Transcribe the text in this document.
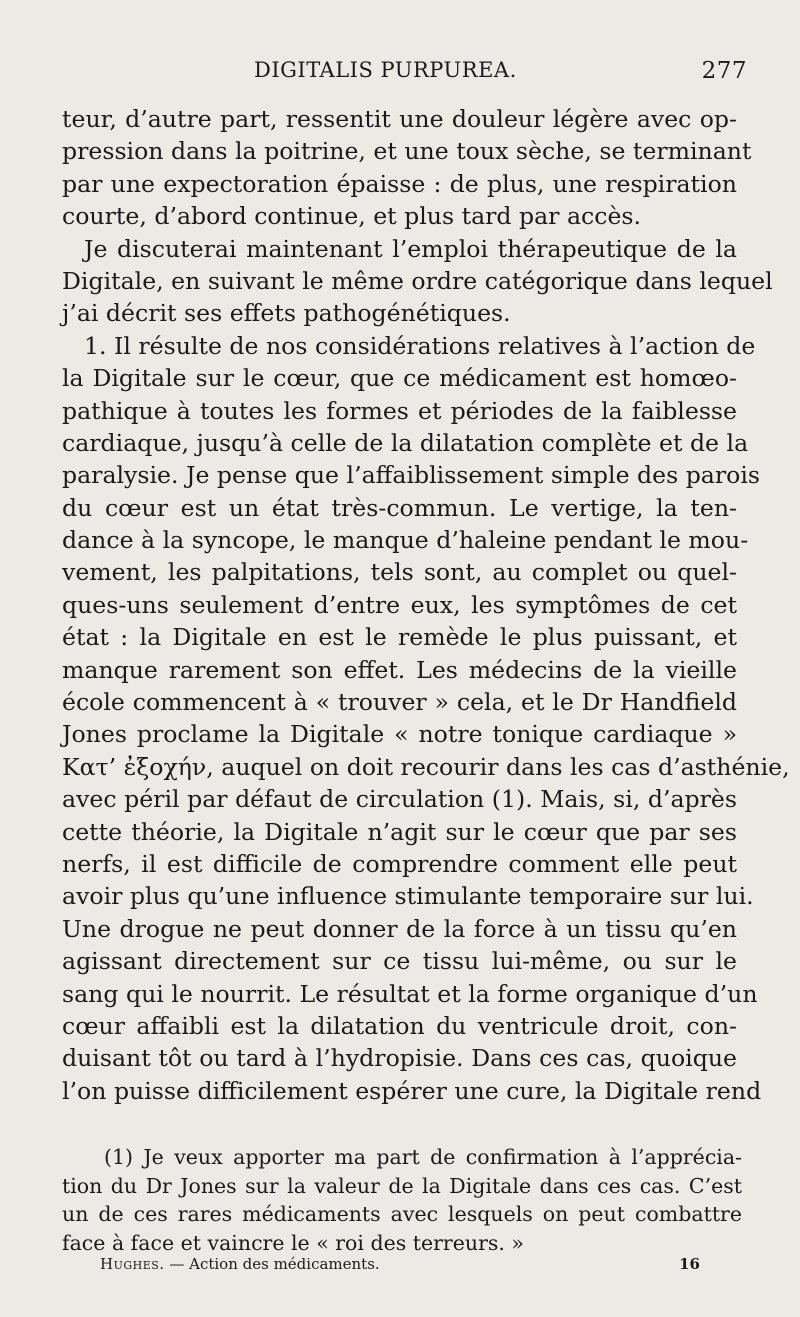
DIGITALIS PURPUREA.	277
teur, d’autre part, ressentit une douleur légère avec op-
pression dans la poitrine, et une toux sèche, se terminant
par une expectoration épaisse : de plus, une respiration
courte, d’abord continue, et plus tard par accès.
Je discuterai maintenant l’emploi thérapeutique de la
Digitale, en suivant le même ordre catégorique dans lequel
j’ai décrit ses effets pathogénétiques.
1. Il résulte de nos considérations relatives à l’action de
la Digitale sur le cœur, que ce médicament est homœo-
pathique à toutes les formes et périodes de la faiblesse
cardiaque, jusqu’à celle de la dilatation complète et de la
paralysie. Je pense que l’affaiblissement simple des parois
du cœur est un état très-commun. Le vertige, la ten-
dance à la syncope, le manque d’haleine pendant le mou-
vement, les palpitations, tels sont, au complet ou quel-
ques-uns seulement d’entre eux, les symptômes de cet
état : la Digitale en est le remède le plus puissant, et
manque rarement son effet. Les médecins de la vieille
école commencent à « trouver » cela, et le Dr Handfield
Jones proclame la Digitale « notre tonique cardiaque »
Κατ’ ἐξοχήν, auquel on doit recourir dans les cas d’asthénie,
avec péril par défaut de circulation (1). Mais, si, d’après
cette théorie, la Digitale n’agit sur le cœur que par ses
nerfs, il est difficile de comprendre comment elle peut
avoir plus qu’une influence stimulante temporaire sur lui.
Une drogue ne peut donner de la force à un tissu qu’en
agissant directement sur ce tissu lui-même, ou sur le
sang qui le nourrit. Le résultat et la forme organique d’un
cœur affaibli est la dilatation du ventricule droit, con-
duisant tôt ou tard à l’hydropisie. Dans ces cas, quoique
l’on puisse difficilement espérer une cure, la Digitale rend
(1) Je veux apporter ma part de confirmation à l’apprécia-
tion du Dr Jones sur la valeur de la Digitale dans ces cas. C’est
un de ces rares médicaments avec lesquels on peut combattre
face à face et vaincre le « roi des terreurs. »
Hughes. — Action des médicaments.	16
